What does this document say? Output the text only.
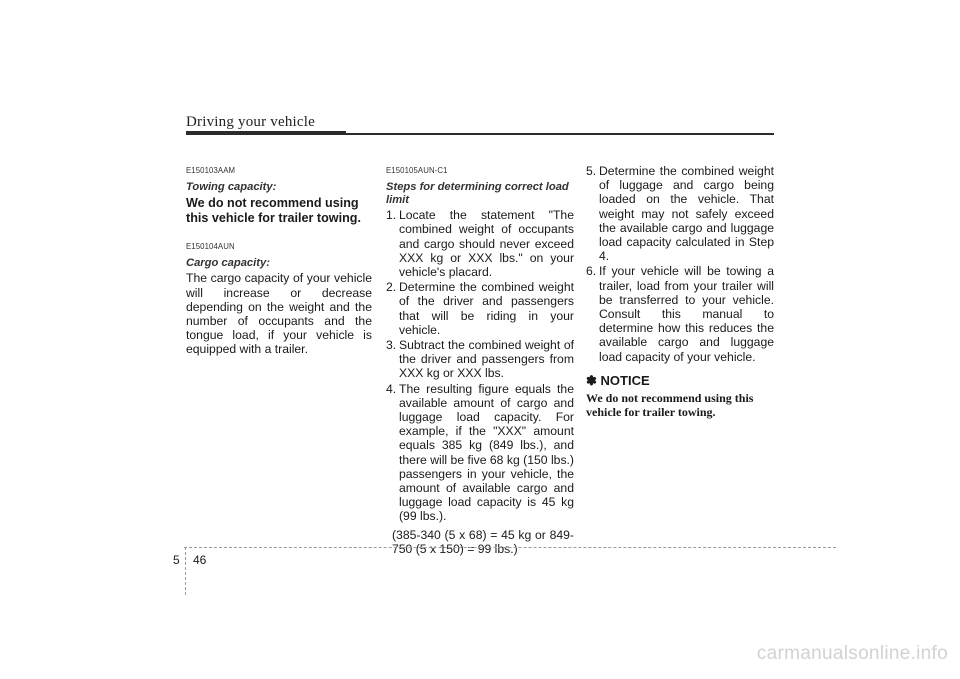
Driving your vehicle
E150103AAM
Towing capacity:
We do not recommend using this vehicle for trailer towing.
E150104AUN
Cargo capacity:

The cargo capacity of your vehicle will increase or decrease depending on the weight and the number of occupants and the tongue load, if your vehicle is equipped with a trailer.

E150105AUN-C1
Steps for determining correct load limit
1. Locate the statement "The combined weight of occupants and cargo should never exceed XXX kg or XXX lbs." on your vehicle's placard.
2. Determine the combined weight of the driver and passengers that will be riding in your vehicle.
3. Subtract the combined weight of the driver and passengers from XXX kg or XXX lbs.
4. The resulting figure equals the available amount of cargo and luggage load capacity. For example, if the "XXX" amount equals 385 kg (849 lbs.), and there will be five 68 kg (150 lbs.) passengers in your vehicle, the amount of available cargo and luggage load capacity is 45 kg (99 lbs.).
(385-340 (5 x 68) = 45 kg or 849-750 (5 x 150) = 99 lbs.)
5. Determine the combined weight of luggage and cargo being loaded on the vehicle. That weight may not safely exceed the available cargo and luggage load capacity calculated in Step 4.
6. If your vehicle will be towing a trailer, load from your trailer will be transferred to your vehicle. Consult this manual to determine how this reduces the available cargo and luggage load capacity of your vehicle.
✽ NOTICE

We do not recommend using this vehicle for trailer towing.

5 46
carmanualsonline.info
